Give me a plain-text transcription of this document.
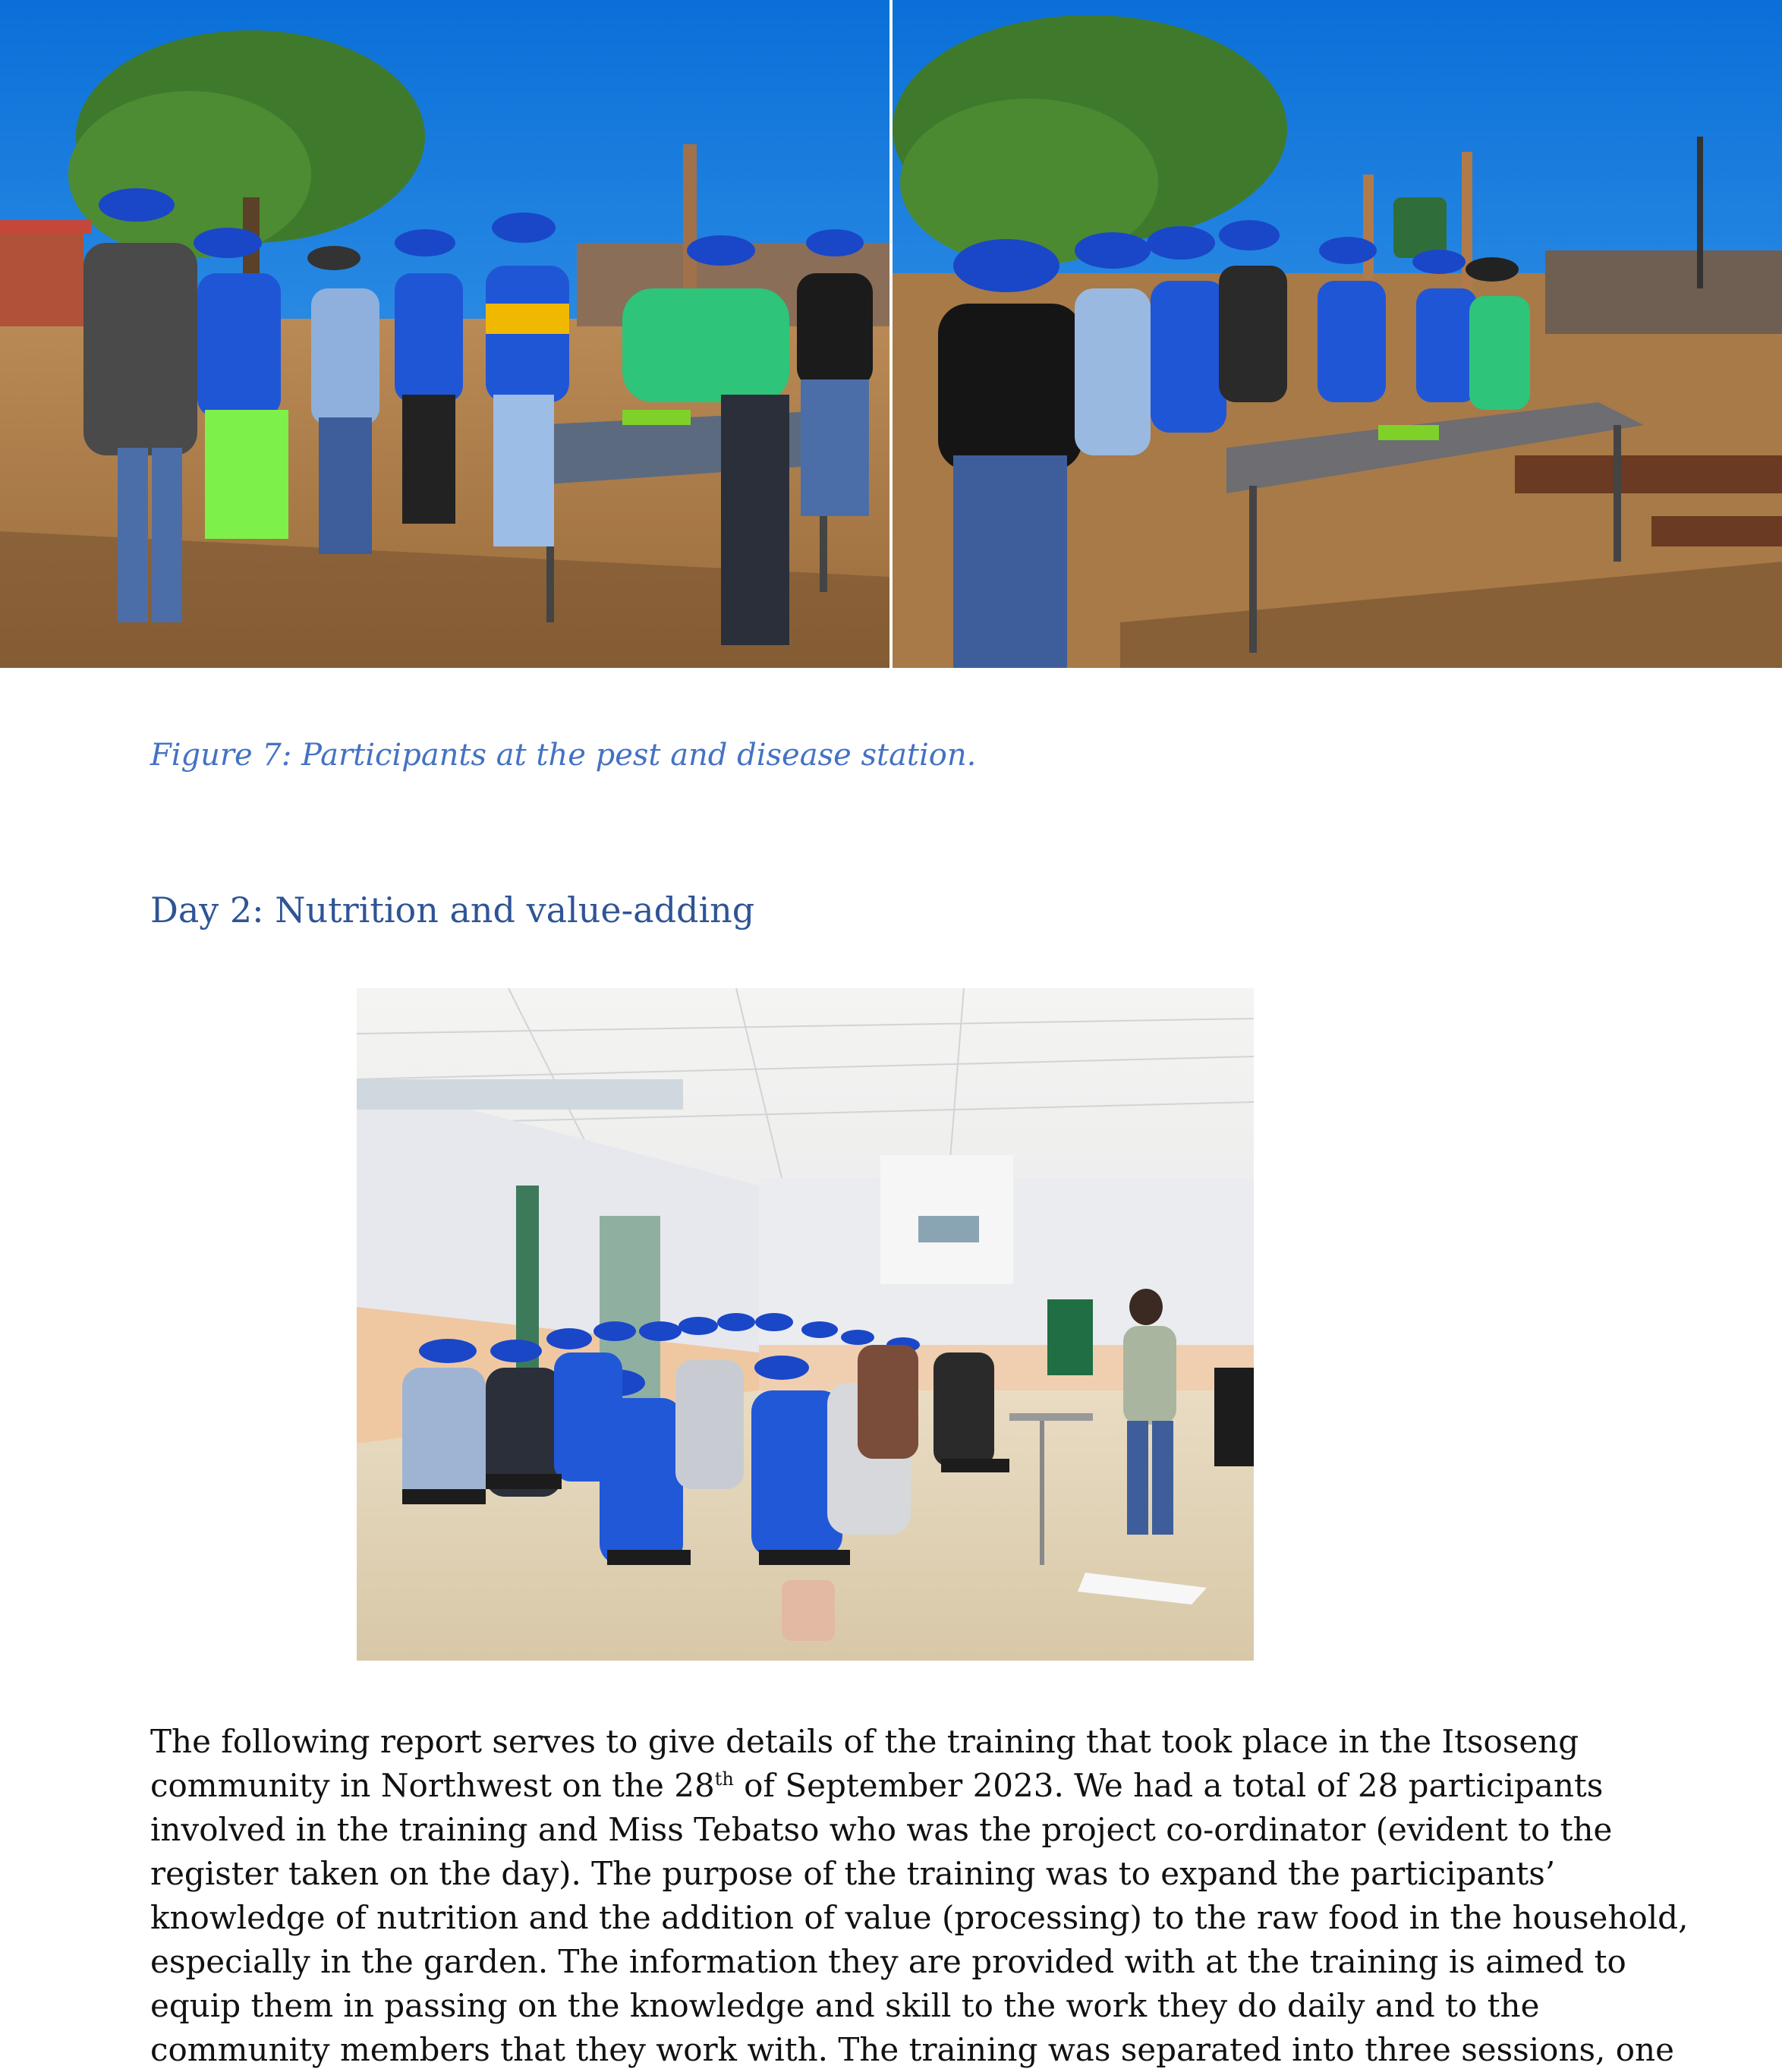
Figure 7: Participants at the pest and disease station.
Day 2: Nutrition and value-adding
The following report serves to give details of the training that took place in the Itsoseng
community in Northwest on the 28th of September 2023. We had a total of 28 participants
involved in the training and Miss Tebatso who was the project co-ordinator (evident to the
register taken on the day). The purpose of the training was to expand the participants’
knowledge of nutrition and the addition of value (processing) to the raw food in the household,
especially in the garden. The information they are provided with at the training is aimed to
equip them in passing on the knowledge and skill to the work they do daily and to the
community members that they work with. The training was separated into three sessions, one
